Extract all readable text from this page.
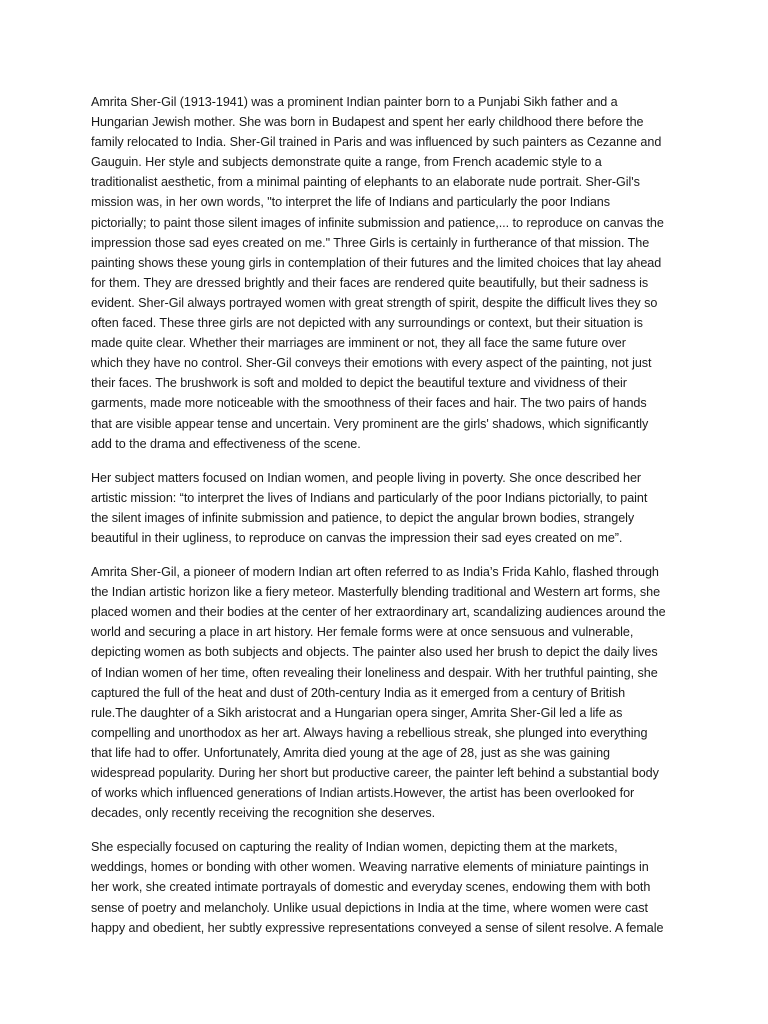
Amrita Sher-Gil (1913-1941) was a prominent Indian painter born to a Punjabi Sikh father and a
Hungarian Jewish mother. She was born in Budapest and spent her early childhood there before the
family relocated to India. Sher-Gil trained in Paris and was influenced by such painters as Cezanne and
Gauguin. Her style and subjects demonstrate quite a range, from French academic style to a
traditionalist aesthetic, from a minimal painting of elephants to an elaborate nude portrait. Sher-Gil's
mission was, in her own words, "to interpret the life of Indians and particularly the poor Indians
pictorially; to paint those silent images of infinite submission and patience,... to reproduce on canvas the
impression those sad eyes created on me." Three Girls is certainly in furtherance of that mission. The
painting shows these young girls in contemplation of their futures and the limited choices that lay ahead
for them. They are dressed brightly and their faces are rendered quite beautifully, but their sadness is
evident. Sher-Gil always portrayed women with great strength of spirit, despite the difficult lives they so
often faced. These three girls are not depicted with any surroundings or context, but their situation is
made quite clear. Whether their marriages are imminent or not, they all face the same future over
which they have no control. Sher-Gil conveys their emotions with every aspect of the painting, not just
their faces. The brushwork is soft and molded to depict the beautiful texture and vividness of their
garments, made more noticeable with the smoothness of their faces and hair. The two pairs of hands
that are visible appear tense and uncertain. Very prominent are the girls' shadows, which significantly
add to the drama and effectiveness of the scene.

Her subject matters focused on Indian women, and people living in poverty. She once described her
artistic mission: “to interpret the lives of Indians and particularly of the poor Indians pictorially, to paint
the silent images of infinite submission and patience, to depict the angular brown bodies, strangely
beautiful in their ugliness, to reproduce on canvas the impression their sad eyes created on me”.

Amrita Sher-Gil, a pioneer of modern Indian art often referred to as India’s Frida Kahlo, flashed through
the Indian artistic horizon like a fiery meteor. Masterfully blending traditional and Western art forms, she
placed women and their bodies at the center of her extraordinary art, scandalizing audiences around the
world and securing a place in art history. Her female forms were at once sensuous and vulnerable,
depicting women as both subjects and objects. The painter also used her brush to depict the daily lives
of Indian women of her time, often revealing their loneliness and despair. With her truthful painting, she
captured the full of the heat and dust of 20th-century India as it emerged from a century of British
rule.The daughter of a Sikh aristocrat and a Hungarian opera singer, Amrita Sher-Gil led a life as
compelling and unorthodox as her art. Always having a rebellious streak, she plunged into everything
that life had to offer. Unfortunately, Amrita died young at the age of 28, just as she was gaining
widespread popularity. During her short but productive career, the painter left behind a substantial body
of works which influenced generations of Indian artists.However, the artist has been overlooked for
decades, only recently receiving the recognition she deserves.

She especially focused on capturing the reality of Indian women, depicting them at the markets,
weddings, homes or bonding with other women. Weaving narrative elements of miniature paintings in
her work, she created intimate portrayals of domestic and everyday scenes, endowing them with both
sense of poetry and melancholy. Unlike usual depictions in India at the time, where women were cast
happy and obedient, her subtly expressive representations conveyed a sense of silent resolve. A female
